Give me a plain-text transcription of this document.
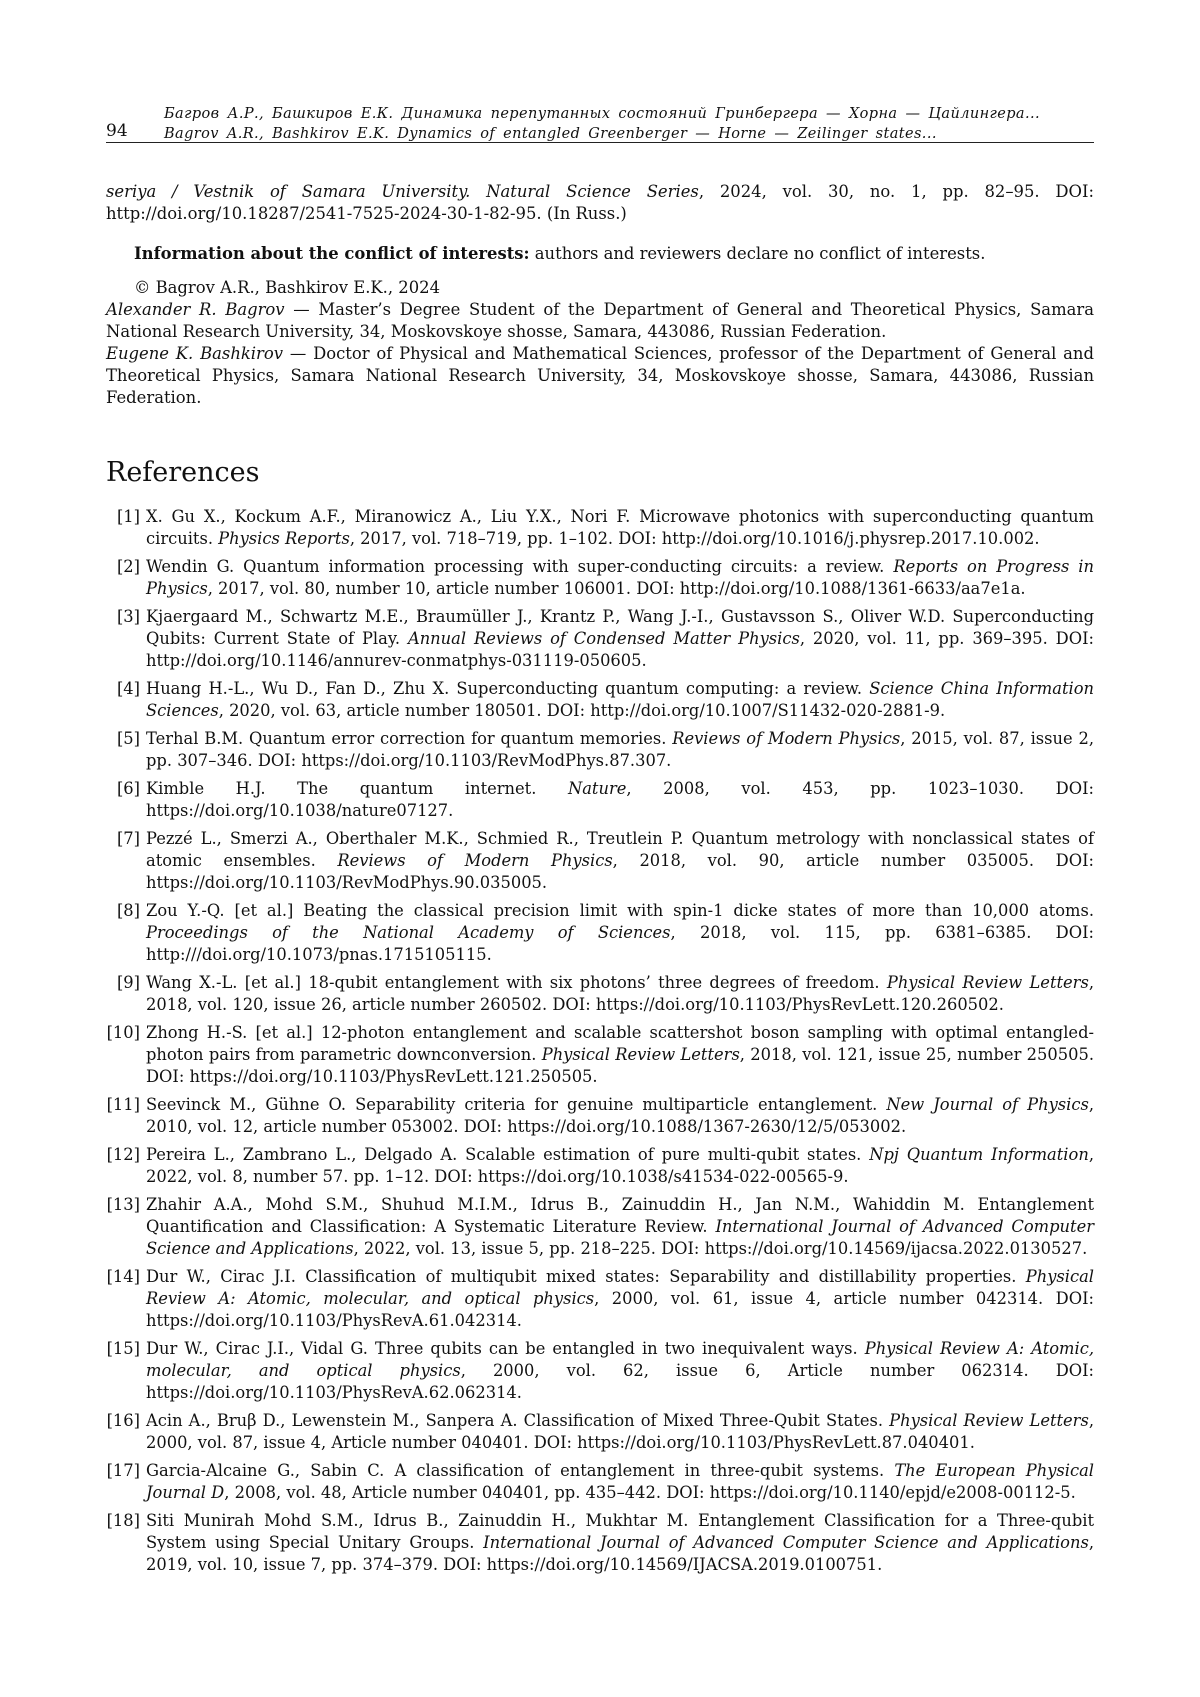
94
Багров А.Р., Башкиров Е.К. Динамика перепутанных состояний Гринбергера — Хорна — Цайлингера...
Bagrov A.R., Bashkirov E.K. Dynamics of entangled Greenberger — Horne — Zeilinger states...

seriya / Vestnik of Samara University. Natural Science Series, 2024, vol. 30, no. 1, pp. 82–95. DOI: http://doi.org/10.18287/2541-7525-2024-30-1-82-95. (In Russ.)

Information about the conflict of interests: authors and reviewers declare no conflict of interests.

© Bagrov A.R., Bashkirov E.K., 2024
Alexander R. Bagrov — Master’s Degree Student of the Department of General and Theoretical Physics, Samara National Research University, 34, Moskovskoye shosse, Samara, 443086, Russian Federation.
Eugene K. Bashkirov — Doctor of Physical and Mathematical Sciences, professor of the Department of General and Theoretical Physics, Samara National Research University, 34, Moskovskoye shosse, Samara, 443086, Russian Federation.
References
[1] X. Gu X., Kockum A.F., Miranowicz A., Liu Y.X., Nori F. Microwave photonics with superconducting quantum circuits. Physics Reports, 2017, vol. 718–719, pp. 1–102. DOI: http://doi.org/10.1016/j.physrep.2017.10.002.
[2] Wendin G. Quantum information processing with super-conducting circuits: a review. Reports on Progress in Physics, 2017, vol. 80, number 10, article number 106001. DOI: http://doi.org/10.1088/1361-6633/aa7e1a.
[3] Kjaergaard M., Schwartz M.E., Braumüller J., Krantz P., Wang J.-I., Gustavsson S., Oliver W.D. Superconducting Qubits: Current State of Play. Annual Reviews of Condensed Matter Physics, 2020, vol. 11, pp. 369–395. DOI: http://doi.org/10.1146/annurev-conmatphys-031119-050605.
[4] Huang H.-L., Wu D., Fan D., Zhu X. Superconducting quantum computing: a review. Science China Information Sciences, 2020, vol. 63, article number 180501. DOI: http://doi.org/10.1007/S11432-020-2881-9.
[5] Terhal B.M. Quantum error correction for quantum memories. Reviews of Modern Physics, 2015, vol. 87, issue 2, pp. 307–346. DOI: https://doi.org/10.1103/RevModPhys.87.307.
[6] Kimble H.J. The quantum internet. Nature, 2008, vol. 453, pp. 1023–1030. DOI: https://doi.org/10.1038/nature07127.
[7] Pezzé L., Smerzi A., Oberthaler M.K., Schmied R., Treutlein P. Quantum metrology with nonclassical states of atomic ensembles. Reviews of Modern Physics, 2018, vol. 90, article number 035005. DOI: https://doi.org/10.1103/RevModPhys.90.035005.
[8] Zou Y.-Q. [et al.] Beating the classical precision limit with spin-1 dicke states of more than 10,000 atoms. Proceedings of the National Academy of Sciences, 2018, vol. 115, pp. 6381–6385. DOI: http:///doi.org/10.1073/pnas.1715105115.
[9] Wang X.-L. [et al.] 18-qubit entanglement with six photons’ three degrees of freedom. Physical Review Letters, 2018, vol. 120, issue 26, article number 260502. DOI: https://doi.org/10.1103/PhysRevLett.120.260502.
[10] Zhong H.-S. [et al.] 12-photon entanglement and scalable scattershot boson sampling with optimal entangled-photon pairs from parametric downconversion. Physical Review Letters, 2018, vol. 121, issue 25, number 250505. DOI: https://doi.org/10.1103/PhysRevLett.121.250505.
[11] Seevinck M., Gühne O. Separability criteria for genuine multiparticle entanglement. New Journal of Physics, 2010, vol. 12, article number 053002. DOI: https://doi.org/10.1088/1367-2630/12/5/053002.
[12] Pereira L., Zambrano L., Delgado A. Scalable estimation of pure multi-qubit states. Npj Quantum Information, 2022, vol. 8, number 57. pp. 1–12. DOI: https://doi.org/10.1038/s41534-022-00565-9.
[13] Zhahir A.A., Mohd S.M., Shuhud M.I.M., Idrus B., Zainuddin H., Jan N.M., Wahiddin M. Entanglement Quantification and Classification: A Systematic Literature Review. International Journal of Advanced Computer Science and Applications, 2022, vol. 13, issue 5, pp. 218–225. DOI: https://doi.org/10.14569/ijacsa.2022.0130527.
[14] Dur W., Cirac J.I. Classification of multiqubit mixed states: Separability and distillability properties. Physical Review A: Atomic, molecular, and optical physics, 2000, vol. 61, issue 4, article number 042314. DOI: https://doi.org/10.1103/PhysRevA.61.042314.
[15] Dur W., Cirac J.I., Vidal G. Three qubits can be entangled in two inequivalent ways. Physical Review A: Atomic, molecular, and optical physics, 2000, vol. 62, issue 6, Article number 062314. DOI: https://doi.org/10.1103/PhysRevA.62.062314.
[16] Acin A., Bruβ D., Lewenstein M., Sanpera A. Classification of Mixed Three-Qubit States. Physical Review Letters, 2000, vol. 87, issue 4, Article number 040401. DOI: https://doi.org/10.1103/PhysRevLett.87.040401.
[17] Garcia-Alcaine G., Sabin C. A classification of entanglement in three-qubit systems. The European Physical Journal D, 2008, vol. 48, Article number 040401, pp. 435–442. DOI: https://doi.org/10.1140/epjd/e2008-00112-5.
[18] Siti Munirah Mohd S.M., Idrus B., Zainuddin H., Mukhtar M. Entanglement Classification for a Three-qubit System using Special Unitary Groups. International Journal of Advanced Computer Science and Applications, 2019, vol. 10, issue 7, pp. 374–379. DOI: https://doi.org/10.14569/IJACSA.2019.0100751.
